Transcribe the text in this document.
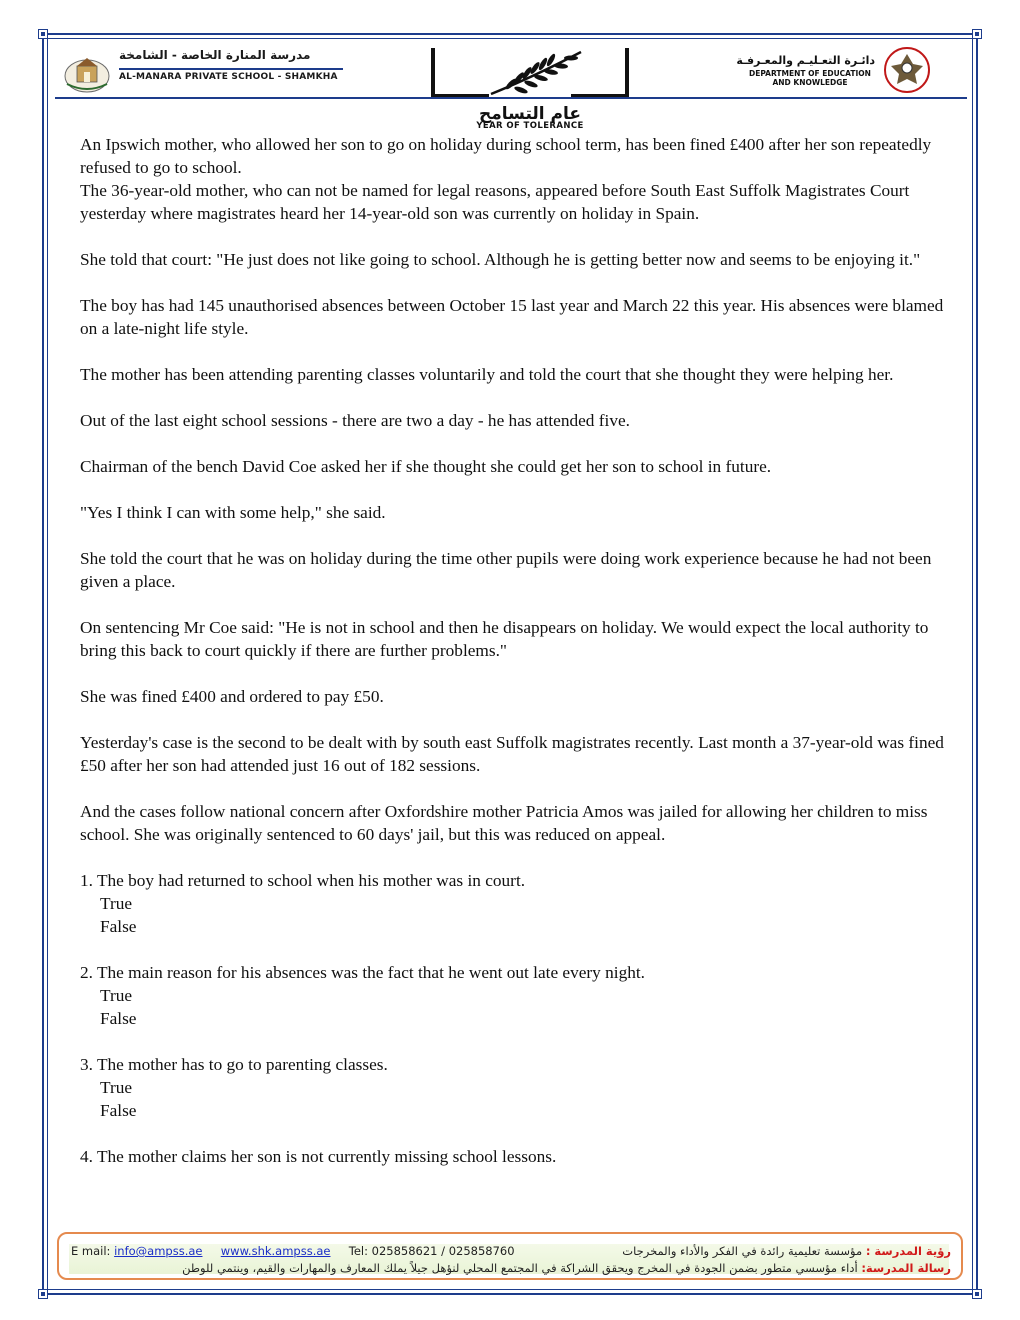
مدرسة المنارة الخاصة - الشامخة
AL-MANARA PRIVATE SCHOOL - SHAMKHA
عام التسامح
YEAR OF TOLERANCE
دائـرة التعـليـم والمعـرفـة
DEPARTMENT OF EDUCATION AND KNOWLEDGE

An Ipswich mother, who allowed her son to go on holiday during school term, has been fined £400 after her son repeatedly refused to go to school.

The 36-year-old mother, who can not be named for legal reasons, appeared before South East Suffolk Magistrates Court yesterday where magistrates heard her 14-year-old son was currently on holiday in Spain.

She told that court: "He just does not like going to school. Although he is getting better now and seems to be enjoying it."

The boy has had 145 unauthorised absences between October 15 last year and March 22 this year. His absences were blamed on a late-night life style.

The mother has been attending parenting classes voluntarily and told the court that she thought they were helping her.

Out of the last eight school sessions - there are two a day - he has attended five.

Chairman of the bench David Coe asked her if she thought she could get her son to school in future.

"Yes I think I can with some help," she said.

She told the court that he was on holiday during the time other pupils were doing work experience because he had not been given a place.

On sentencing Mr Coe said: "He is not in school and then he disappears on holiday. We would expect the local authority to bring this back to court quickly if there are further problems."

She was fined £400 and ordered to pay £50.

Yesterday's case is the second to be dealt with by south east Suffolk magistrates recently. Last month a 37-year-old was fined £50 after her son had attended just 16 out of 182 sessions.

And the cases follow national concern after Oxfordshire mother Patricia Amos was jailed for allowing her children to miss school. She was originally sentenced to 60 days' jail, but this was reduced on appeal.

1. The boy had returned to school when his mother was in court.

True

False

2. The main reason for his absences was the fact that he went out late every night.

True

False

3. The mother has to go to parenting classes.

True

False

4. The mother claims her son is not currently missing school lessons.

E mail: info@ampss.ae www.shk.ampss.ae Tel: 025858621 / 025858760	رؤية المدرسة : مؤسسة تعليمية رائدة في الفكر والأداء والمخرجات
رسالة المدرسة: أداء مؤسسي متطور بضمن الجودة في المخرج ويحقق الشراكة في المجتمع المحلي لنؤهل جيلاً يملك المعارف والمهارات والقيم، وينتمي للوطن
